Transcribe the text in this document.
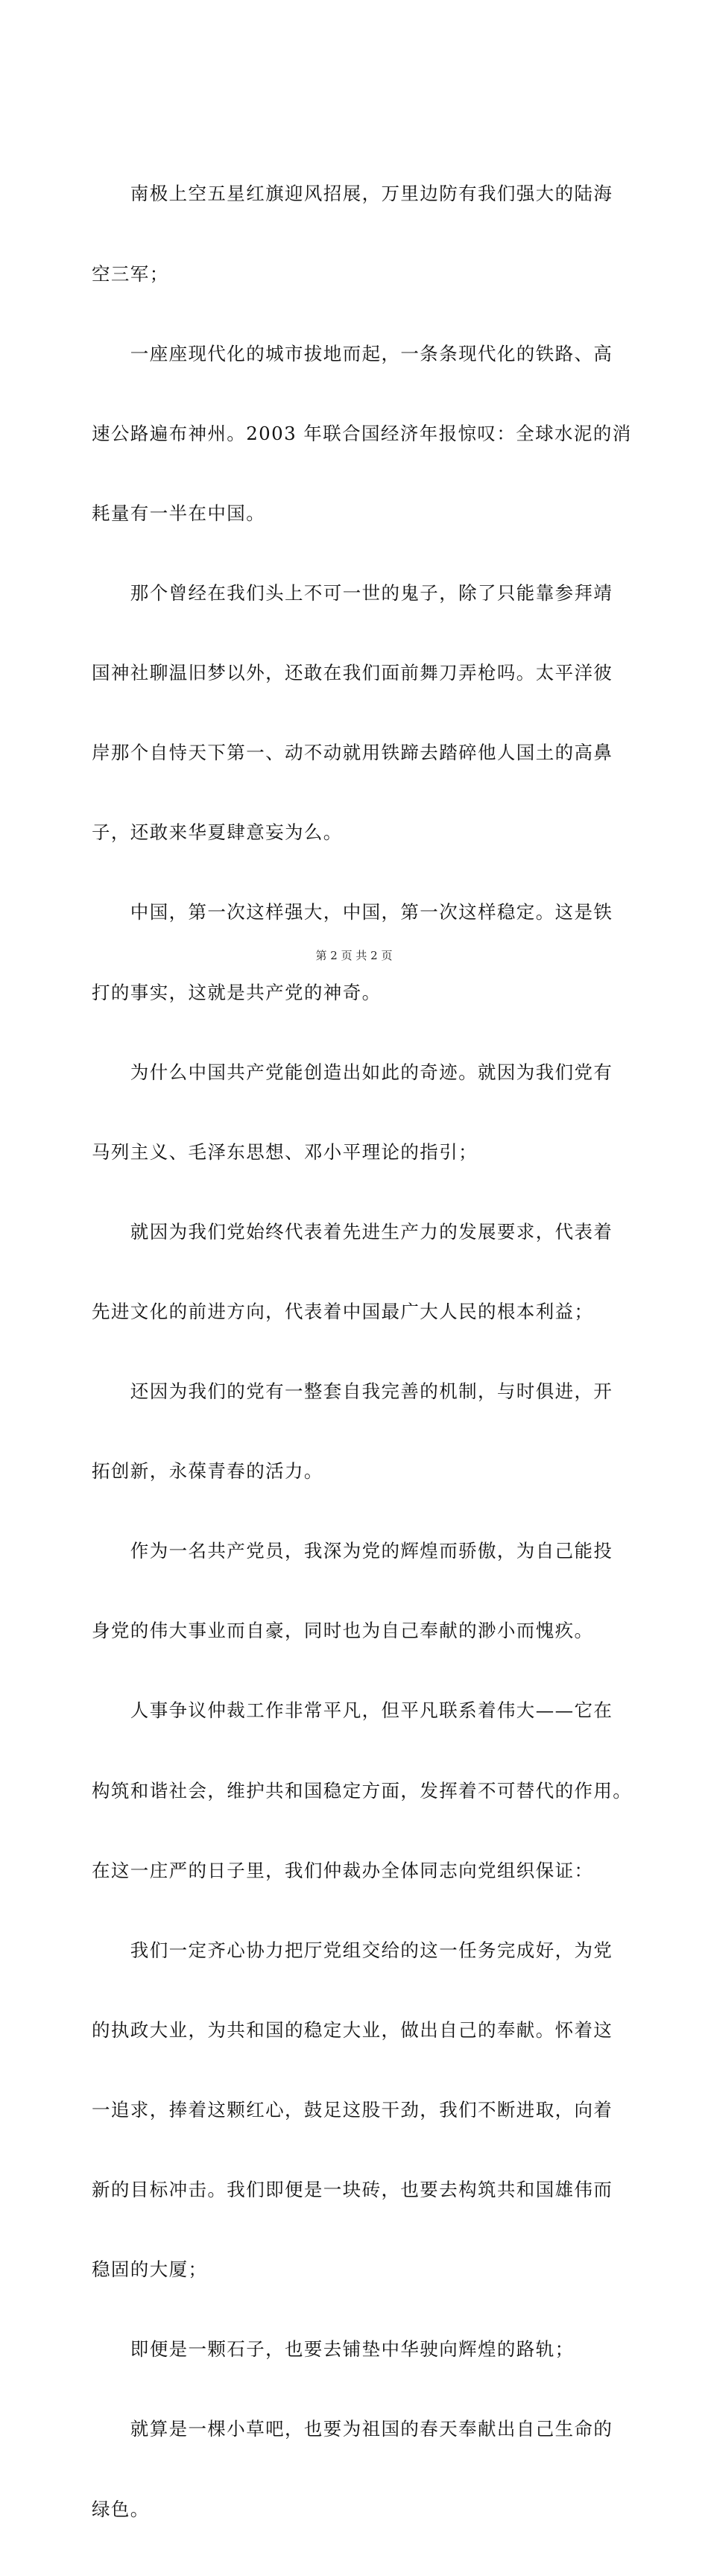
　　南极上空五星红旗迎风招展，万里边防有我们强大的陆海

空三军；

　　一座座现代化的城市拔地而起，一条条现代化的铁路、高

速公路遍布神州。2003 年联合国经济年报惊叹：全球水泥的消

耗量有一半在中国。

　　那个曾经在我们头上不可一世的鬼子，除了只能靠参拜靖

国神社聊温旧梦以外，还敢在我们面前舞刀弄枪吗。太平洋彼

岸那个自恃天下第一、动不动就用铁蹄去踏碎他人国土的高鼻

子，还敢来华夏肆意妄为么。

　　中国，第一次这样强大，中国，第一次这样稳定。这是铁

打的事实，这就是共产党的神奇。

　　为什么中国共产党能创造出如此的奇迹。就因为我们党有

马列主义、毛泽东思想、邓小平理论的指引；

　　就因为我们党始终代表着先进生产力的发展要求，代表着

先进文化的前进方向，代表着中国最广大人民的根本利益；

　　还因为我们的党有一整套自我完善的机制，与时俱进，开

拓创新，永葆青春的活力。

　　作为一名共产党员，我深为党的辉煌而骄傲，为自己能投

身党的伟大事业而自豪，同时也为自己奉献的渺小而愧疚。

　　人事争议仲裁工作非常平凡，但平凡联系着伟大——它在

构筑和谐社会，维护共和国稳定方面，发挥着不可替代的作用。

在这一庄严的日子里，我们仲裁办全体同志向党组织保证：

　　我们一定齐心协力把厅党组交给的这一任务完成好，为党

的执政大业，为共和国的稳定大业，做出自己的奉献。怀着这

一追求，捧着这颗红心，鼓足这股干劲，我们不断进取，向着

新的目标冲击。我们即便是一块砖，也要去构筑共和国雄伟而

稳固的大厦；

　　即便是一颗石子，也要去铺垫中华驶向辉煌的路轨；

　　就算是一棵小草吧，也要为祖国的春天奉献出自己生命的

绿色。

第 2 页 共 2 页
